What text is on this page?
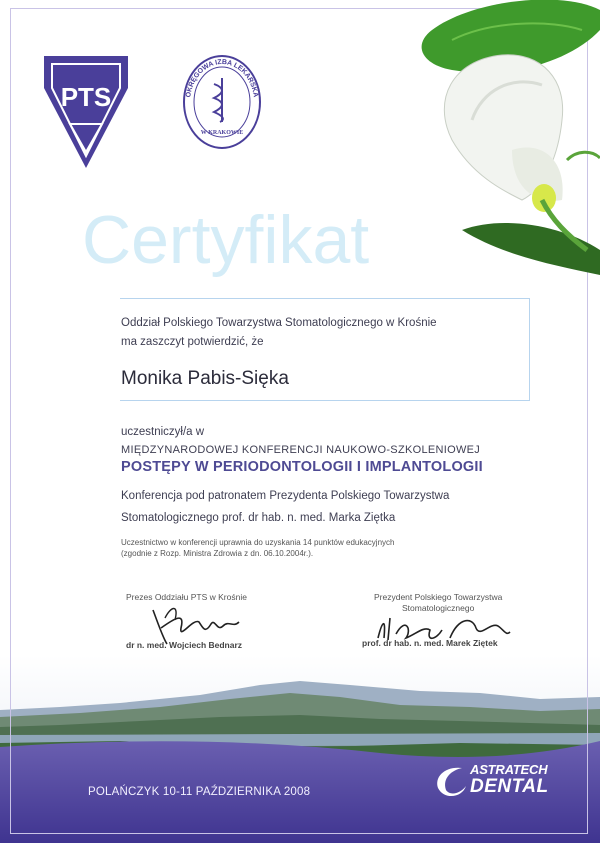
PTS	OKRĘGOWA IZBA LEKARSKA
W KRAKOWIE
Certyfikat
Oddział Polskiego Towarzystwa Stomatologicznego w Krośnie
ma zaszczyt potwierdzić, że
Monika Pabis-Sięka
uczestniczył/a w
MIĘDZYNARODOWEJ KONFERENCJI NAUKOWO-SZKOLENIOWEJ
POSTĘPY W PERIODONTOLOGII I IMPLANTOLOGII
Konferencja pod patronatem Prezydenta Polskiego Towarzystwa
Stomatologicznego prof. dr hab. n. med. Marka Ziętka
Uczestnictwo w konferencji uprawnia do uzyskania 14 punktów edukacyjnych
(zgodnie z Rozp. Ministra Zdrowia z dn. 06.10.2004r.).
Prezes Oddziału PTS w Krośnie
dr n. med. Wojciech Bednarz
Prezydent Polskiego Towarzystwa
Stomatologicznego
prof. dr hab. n. med. Marek Ziętek
POLAŃCZYK 10-11 PAŹDZIERNIKA 2008
ASTRATECH
DENTAL
